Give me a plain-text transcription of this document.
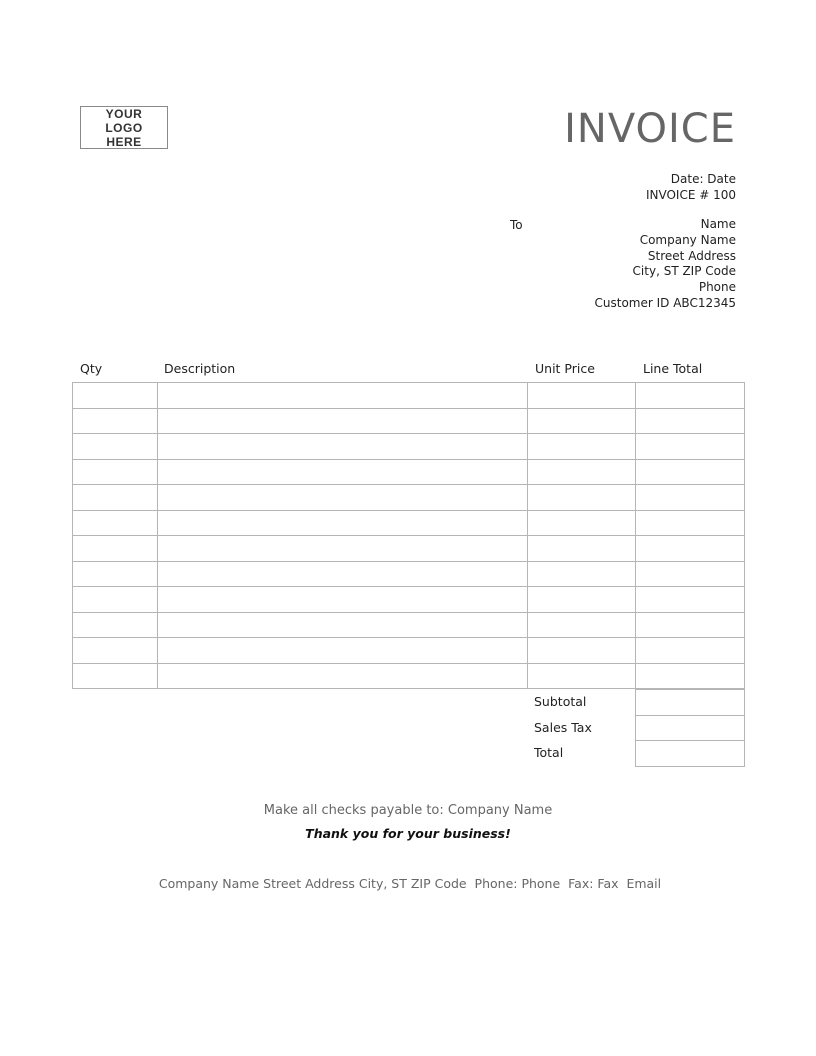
YOUR LOGO
HERE	INVOICE
Date: Date
INVOICE # 100
To	Name
Company Name
Street Address
City, ST ZIP Code
Phone
Customer ID ABC12345
Qty	Description	Unit Price	Line Total

Subtotal
Sales Tax
Total

Make all checks payable to: Company Name
Thank you for your business!
Company Name Street Address City, ST ZIP Code  Phone: Phone  Fax: Fax  Email
